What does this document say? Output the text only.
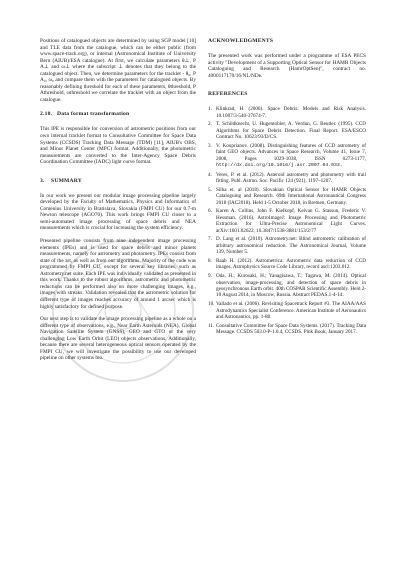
Positions of catalogued objects are determined by using SGP model [10] and TLE data from the catalogue, which can be either public (from www.space-track.org), or internal (Astronomical Institute of University Bern (AIUB)/ESA catalogue). At first, we calculate parameters θ⊥, P A⊥ and ω⊥ where the subscript ⊥ denotes that they belong to the catalogued object. Then, we determine parameters for the tracklet - θ₀, P A₀, ω₀ and compare them with the parameters for catalogued objects. By reasonably defining threshold for each of these parameters, θthreshold, P Athreshold, ωthreshold we correlate the tracklet with an object from the catalogue.

2.10. Data format transformation

This IPE is responsible for conversion of astrometric positions from our own internal tracklet format to Consultative Committee for Space Data Systems (CCSDS) Tracking Data Message (TDM) [11], AIUB's OBS, and Minor Planet Center (MPC) format. Additionally, the photometric measurements are converted to the Inter-Agency Space Debris Coordination Committee (IADC) light curve format.

3. SUMMARY

In our work we present our modular image processing pipeline largely developed by the Faculty of Mathematics, Physics and Informatics of Comenius University in Bratislava, Slovakia (FMPI CU) for our 0.7-m Newton telescope (AGO70). This work brings FMPI CU closer to a semi-automated image processing of space debris and NEA measurements which is crucial for increasing the system efficiency.

Presented pipeline consists from nine independent image processing elements (IPEs) and is used for space debris and minor planets measurements, namely for astrometry and photometry. IPEs consist from state of the art, as well as from our algorithms. Majority of the code was programmed by FMPI CU, except for several key libraries, such as Astrometry.net suite. Each IPE was individually validated as presented in this work. Thanks to the robust algorithms, astrometric and photometric reductions can be performed also on more challenging images, e.g., images with streaks. Validation revealed that the astrometric solution for different type of images reaches accuracy of around 1 arcsec which is highly satisfactory for defined purpose.

Our next step is to validate the image processing pipeline as a whole on a different type of observations, e.g., Near Earth Asteroids (NEA), Global Navigation Satellite System (GNSS), GEO and GTO or the very challenging Low Earth Orbit (LEO) objects observations. Additionally, because there are several heterogeneous optical sensors operated by the FMPI CU, we will investigate the possibility to use our developed pipeline on other systems too.

ACKNOWLEDGMENTS

The presented work was performed under a programme of ESA PECS activity "Development of a Supporting Optical Sensor for HAMR Objects Cataloguing and Research (HamrOptSen)", contract no. 4000117170/16/NL/NDe.

REFERENCES
1. Klinkrad, H. (2006). Space Debris: Models and Risk Analysis. 10.1007/3-540-37674-7.
2. T. Schildknecht, U. Hugentobler, A. Verdun, G. Beutler. (1995). CCD Algorithms for Space Debris Detection. Final Report. ESA/ESCO Contract No. 10623/93/D/CS.
3. V. Kouprianov. (2008). Distinguishing features of CCD astrometry of faint GEO objects. Advances in Space Research, Volume 41, Issue 7, 2008, Pages 1029-1038, ISSN 0273-1177, http://dx.doi.org/10.1016/j.asr.2007.04.033.
4. Veres, P. et al. (2012). Asteroid astrometry and photometry with trail fitting. Publ. Astron. Soc. Pacific 124 (921), 1197–1207.
5. Silha et. al (2018). Slovakian Optical Sensor for HAMR Objects Cataloguing and Research. 69th International Astronautical Congress 2018 (IAC2018). Held 1-5 October 2018, in Bremen, Germany.
6. Karen A. Collins, John F. Kielkopf, Keivan G. Stassun, Frederic V. Hessman. (2016). AstroImageJ: Image Processing and Photometric Extraction for Ultra-Precise Astronomical Light Curves. arXiv:1601.02622, 10.3847/1538-3881/153/2/77
7. D. Lang et al. (2010). Astrometry.net: Blind astrometric calibration of arbitrary astronomical reduction. The Astronomical Journal, Volume 139, Number 5.
8. Raab H. (2012). Astrometrica: Astrometric data reduction of CCD images. Astrophysics Source Code Library, record ascl:1203.012.
9. Oda, H.; Kurosaki, H.; Yanagisawa, T.; Tagawa, M. (2014). Optical observation, image-processing, and detection of space debris in geosynchronous Earth orbit. 40th COSPAR Scientific Assembly. Held 2-10 August 2014, in Moscow, Russia. Abstract PEDAS.1-4-14.
10. Vallado et al. (2006). Revisiting Spacetrack Report #3. The AIAA/AAS Astrodynamics Specialist Conference. American Institute of Aeronautics and Astronautics, pp. 1-88.
11. Consultative Committee for Space Data Systems. (2017). Tracking Data Message. CCSDS 503.0-P-1.0.4, CCSDS. Pink Book, January 2017.
